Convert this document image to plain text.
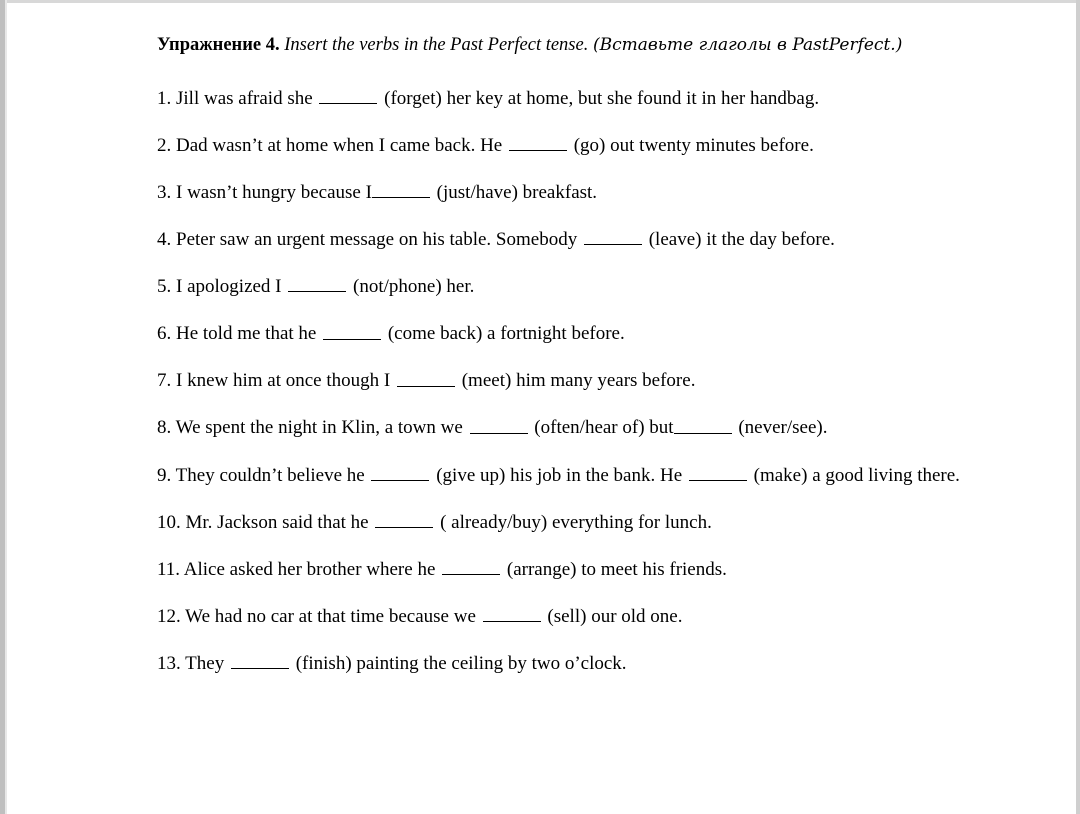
Упражнение 4. Insert the verbs in the Past Perfect tense. (Вставьте глаголы в PastPerfect.)
1. Jill was afraid she	(forget) her key at home, but she found it in her handbag.
2. Dad wasn’t at home when I came back. He	(go) out twenty minutes before.
3. I wasn’t hungry because I	(just/have) breakfast.
4. Peter saw an urgent message on his table. Somebody	(leave) it the day before.
5. I apologized I	(not/phone) her.
6. He told me that he	(come back) a fortnight before.
7. I knew him at once though I	(meet) him many years before.
8. We spent the night in Klin, a town we	(often/hear of) but	(never/see).
9. They couldn’t believe he	(give up) his job in the bank. He	(make) a good living there.
10. Mr. Jackson said that he	( already/buy) everything for lunch.
11. Alice asked her brother where he	(arrange) to meet his friends.
12. We had no car at that time because we	(sell) our old one.
13. They	(finish) painting the ceiling by two o’clock.
